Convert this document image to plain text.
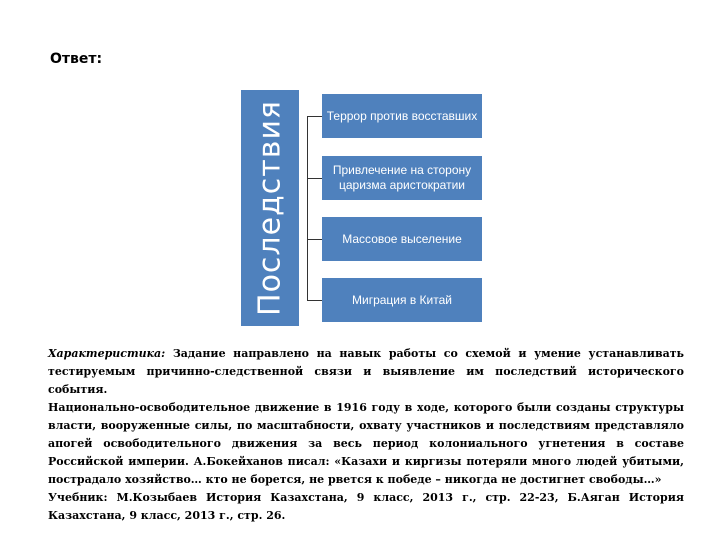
Ответ:
Последствия	Террор против восставших
Привлечение на сторону царизма аристократии
Массовое выселение
Миграция в Китай

Характеристика: Задание направлено на навык работы со схемой и умение устанавливать тестируемым причинно-следственной связи и выявление им последствий исторического события.

Национально-освободительное движение в 1916 году в ходе, которого были созданы структуры власти, вооруженные силы, по масштабности, охвату участников и последствиям представляло апогей освободительного движения за весь период колониального угнетения в составе Российской империи. А.Бокейханов писал: «Казахи и киргизы потеряли много людей убитыми, пострадало хозяйство… кто не борется, не рвется к победе – никогда не достигнет свободы…»

Учебник: М.Козыбаев История Казахстана, 9 класс, 2013 г., стр. 22-23, Б.Аяган История Казахстана, 9 класс, 2013 г., стр. 26.
